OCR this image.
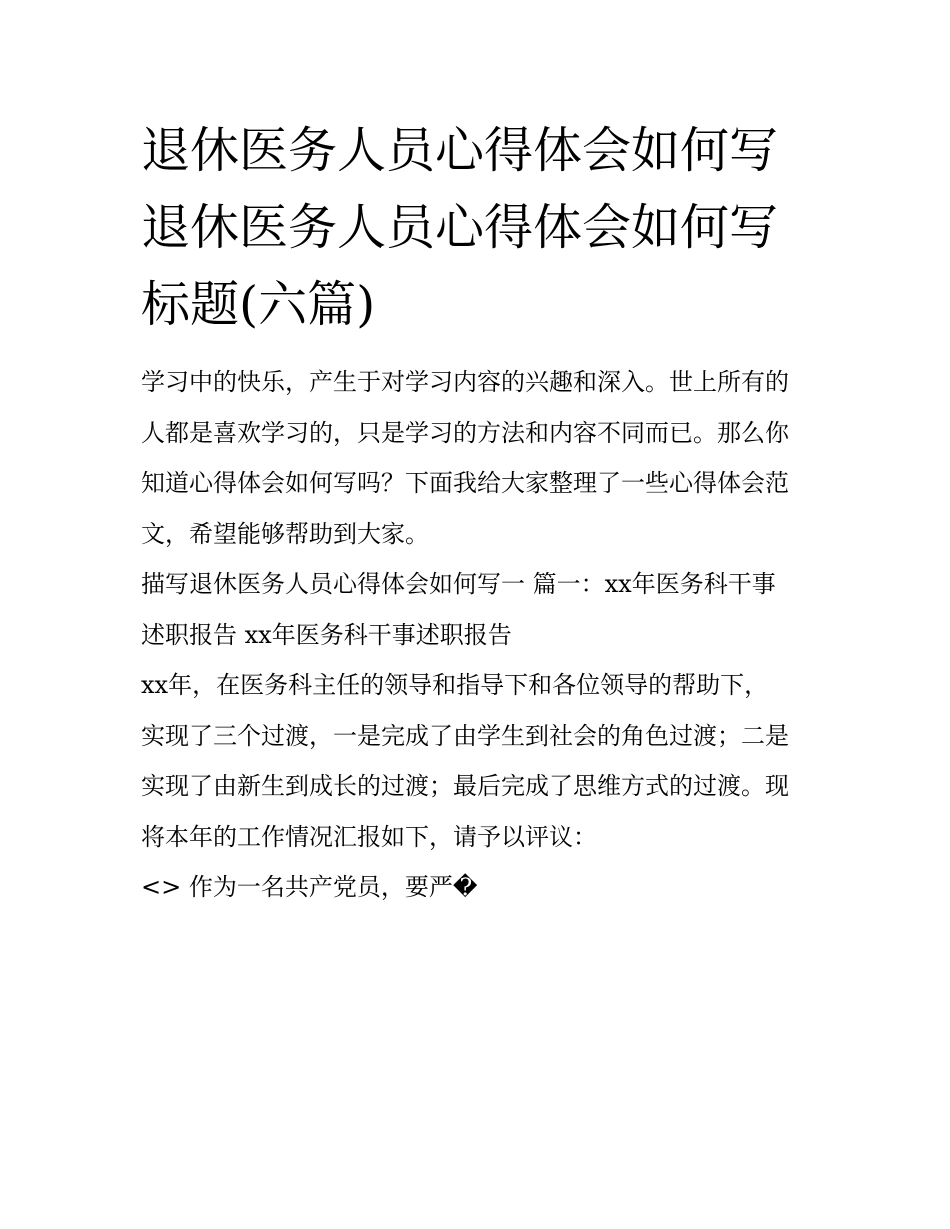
退休医务人员心得体会如何写
退休医务人员心得体会如何写
标题(六篇)

学习中的快乐，产生于对学习内容的兴趣和深入。世上所有的
人都是喜欢学习的，只是学习的方法和内容不同而已。那么你
知道心得体会如何写吗？下面我给大家整理了一些心得体会范
文，希望能够帮助到大家。

描写退休医务人员心得体会如何写一 篇一：xx年医务科干事
述职报告 xx年医务科干事述职报告

xx年，在医务科主任的领导和指导下和各位领导的帮助下，
实现了三个过渡，一是完成了由学生到社会的角色过渡；二是
实现了由新生到成长的过渡；最后完成了思维方式的过渡。现
将本年的工作情况汇报如下，请予以评议：

<> 作为一名共产党员，要严�
